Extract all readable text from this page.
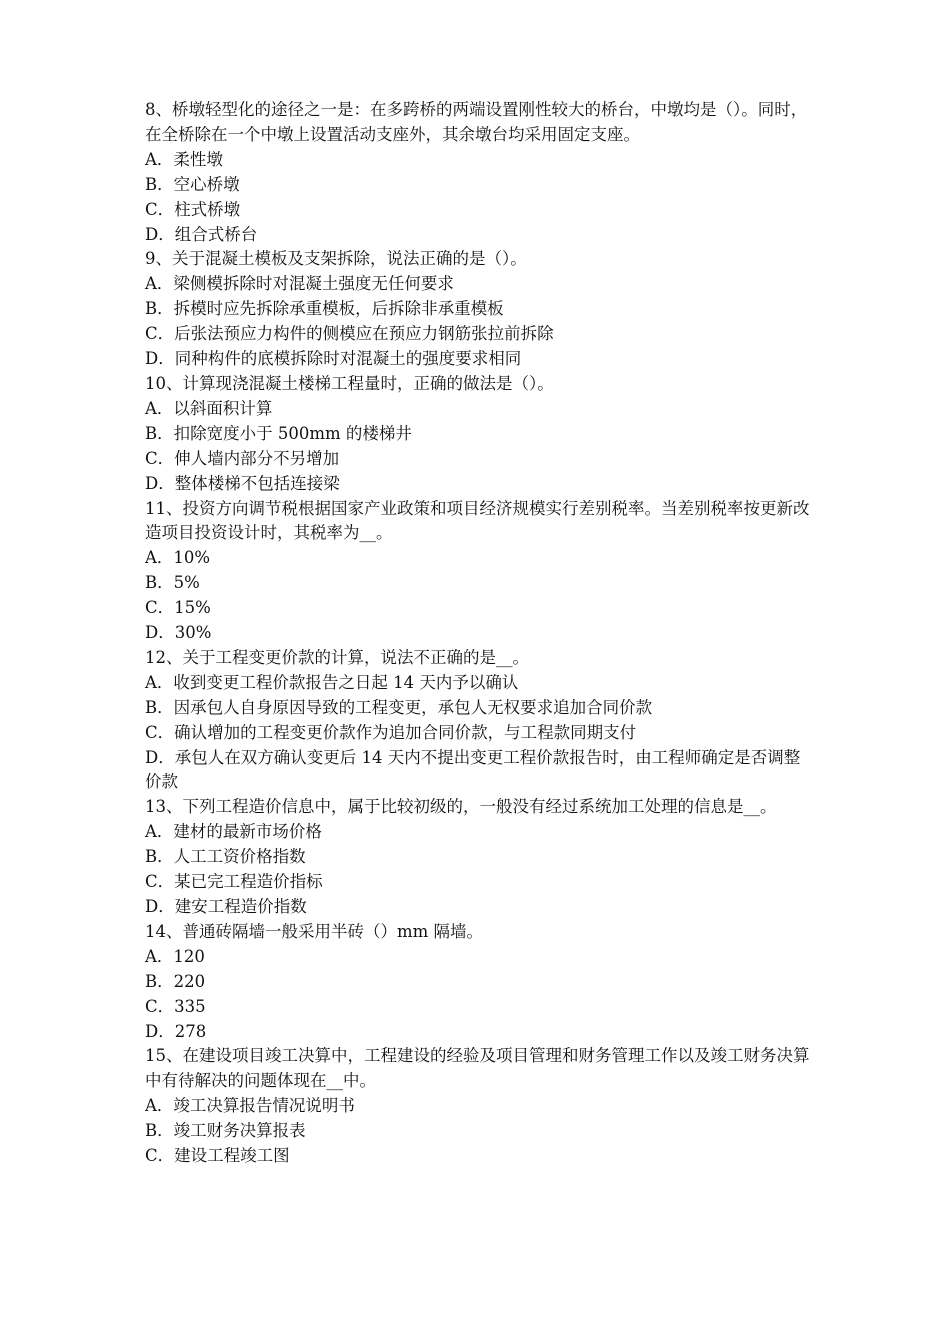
8、桥墩轻型化的途径之一是：在多跨桥的两端设置刚性较大的桥台，中墩均是（）。同时，在全桥除在一个中墩上设置活动支座外，其余墩台均采用固定支座。

A．柔性墩

B．空心桥墩

C．柱式桥墩

D．组合式桥台

9、关于混凝土模板及支架拆除，说法正确的是（）。

A．梁侧模拆除时对混凝土强度无任何要求

B．拆模时应先拆除承重模板，后拆除非承重模板

C．后张法预应力构件的侧模应在预应力钢筋张拉前拆除

D．同种构件的底模拆除时对混凝土的强度要求相同

10、计算现浇混凝土楼梯工程量时，正确的做法是（）。

A．以斜面积计算

B．扣除宽度小于 500mm 的楼梯井

C．伸人墙内部分不另增加

D．整体楼梯不包括连接梁

11、投资方向调节税根据国家产业政策和项目经济规模实行差别税率。当差别税率按更新改造项目投资设计时，其税率为__。

A．10%

B．5%

C．15%

D．30%

12、关于工程变更价款的计算，说法不正确的是__。

A．收到变更工程价款报告之日起 14 天内予以确认

B．因承包人自身原因导致的工程变更，承包人无权要求追加合同价款

C．确认增加的工程变更价款作为追加合同价款，与工程款同期支付

D．承包人在双方确认变更后 14 天内不提出变更工程价款报告时，由工程师确定是否调整价款

13、下列工程造价信息中，属于比较初级的，一般没有经过系统加工处理的信息是__。

A．建材的最新市场价格

B．人工工资价格指数

C．某已完工程造价指标

D．建安工程造价指数

14、普通砖隔墙一般采用半砖（）mm 隔墙。

A．120

B．220

C．335

D．278

15、在建设项目竣工决算中，工程建设的经验及项目管理和财务管理工作以及竣工财务决算中有待解决的问题体现在__中。

A．竣工决算报告情况说明书

B．竣工财务决算报表

C．建设工程竣工图
